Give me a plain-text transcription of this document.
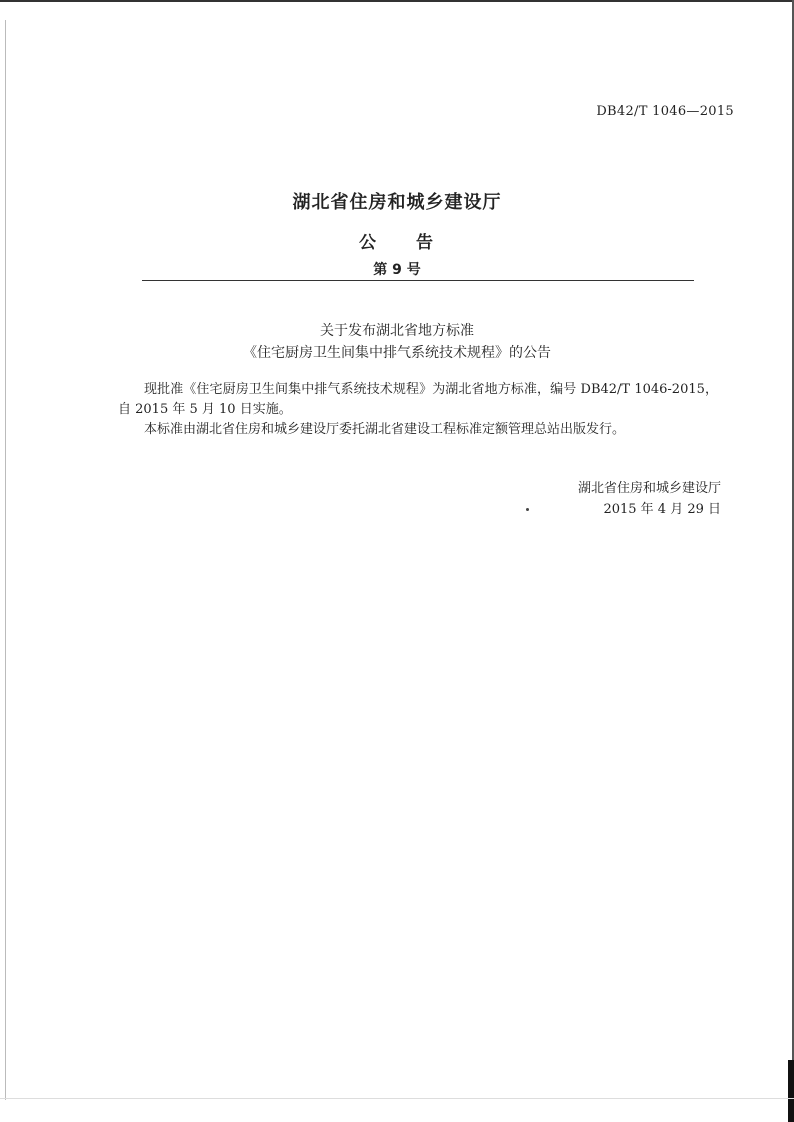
DB42/T 1046—2015
湖北省住房和城乡建设厅
公　　告
第 9 号
关于发布湖北省地方标准
《住宅厨房卫生间集中排气系统技术规程》的公告

现批准《住宅厨房卫生间集中排气系统技术规程》为湖北省地方标准，编号 DB42/T 1046-2015，自 2015 年 5 月 10 日实施。

本标准由湖北省住房和城乡建设厅委托湖北省建设工程标准定额管理总站出版发行。

湖北省住房和城乡建设厅
2015 年 4 月 29 日
